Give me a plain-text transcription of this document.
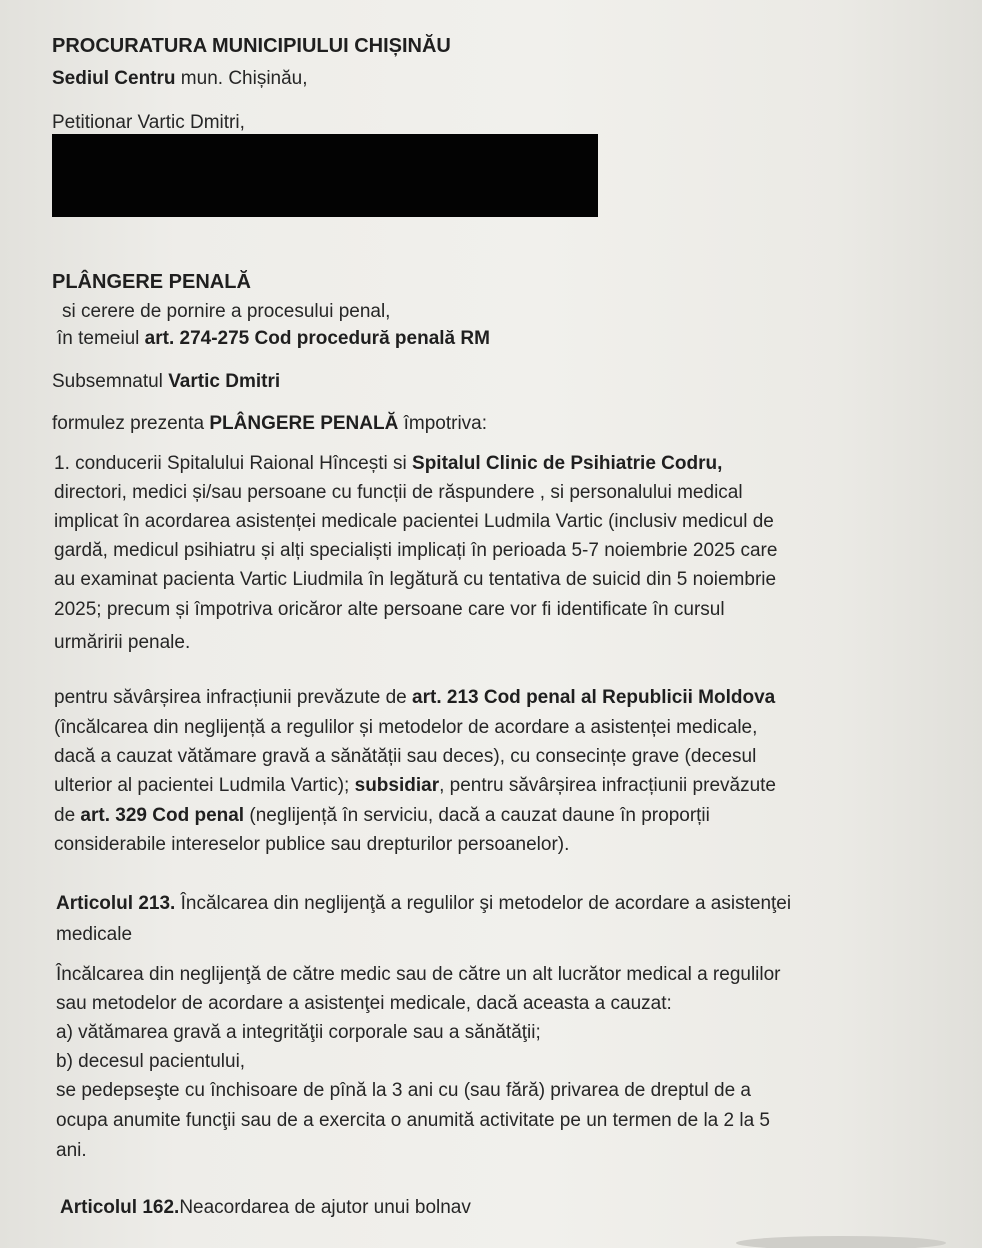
PROCURATURA MUNICIPIULUI CHIȘINĂU
Sediul Centru mun. Chișinău,
Petitionar Vartic Dmitri,
PLÂNGERE PENALĂ
si cerere de pornire a procesului penal,
în temeiul art. 274-275 Cod procedură penală RM
Subsemnatul Vartic Dmitri
formulez prezenta PLÂNGERE PENALĂ împotriva:
1. conducerii Spitalului Raional Hîncești si Spitalul Clinic de Psihiatrie Codru,
directori, medici și/sau persoane cu funcții de răspundere , si personalului medical
implicat în acordarea asistenței medicale pacientei Ludmila Vartic (inclusiv medicul de
gardă, medicul psihiatru și alți specialiști implicați în perioada 5-7 noiembrie 2025 care
au examinat pacienta Vartic Liudmila în legătură cu tentativa de suicid din 5 noiembrie
2025; precum și împotriva oricăror alte persoane care vor fi identificate în cursul
urmăririi penale.
pentru săvârșirea infracțiunii prevăzute de art. 213 Cod penal al Republicii Moldova
(încălcarea din neglijență a regulilor și metodelor de acordare a asistenței medicale,
dacă a cauzat vătămare gravă a sănătății sau deces), cu consecințe grave (decesul
ulterior al pacientei Ludmila Vartic); subsidiar, pentru săvârșirea infracțiunii prevăzute
de art. 329 Cod penal (neglijență în serviciu, dacă a cauzat daune în proporții
considerabile intereselor publice sau drepturilor persoanelor).
Articolul 213. Încălcarea din neglijenţă a regulilor şi metodelor de acordare a asistenţei
medicale
Încălcarea din neglijenţă de către medic sau de către un alt lucrător medical a regulilor
sau metodelor de acordare a asistenţei medicale, dacă aceasta a cauzat:
a) vătămarea gravă a integrităţii corporale sau a sănătăţii;
b) decesul pacientului,
se pedepseşte cu închisoare de pînă la 3 ani cu (sau fără) privarea de dreptul de a
ocupa anumite funcţii sau de a exercita o anumită activitate pe un termen de la 2 la 5
ani.
Articolul 162.Neacordarea de ajutor unui bolnav
